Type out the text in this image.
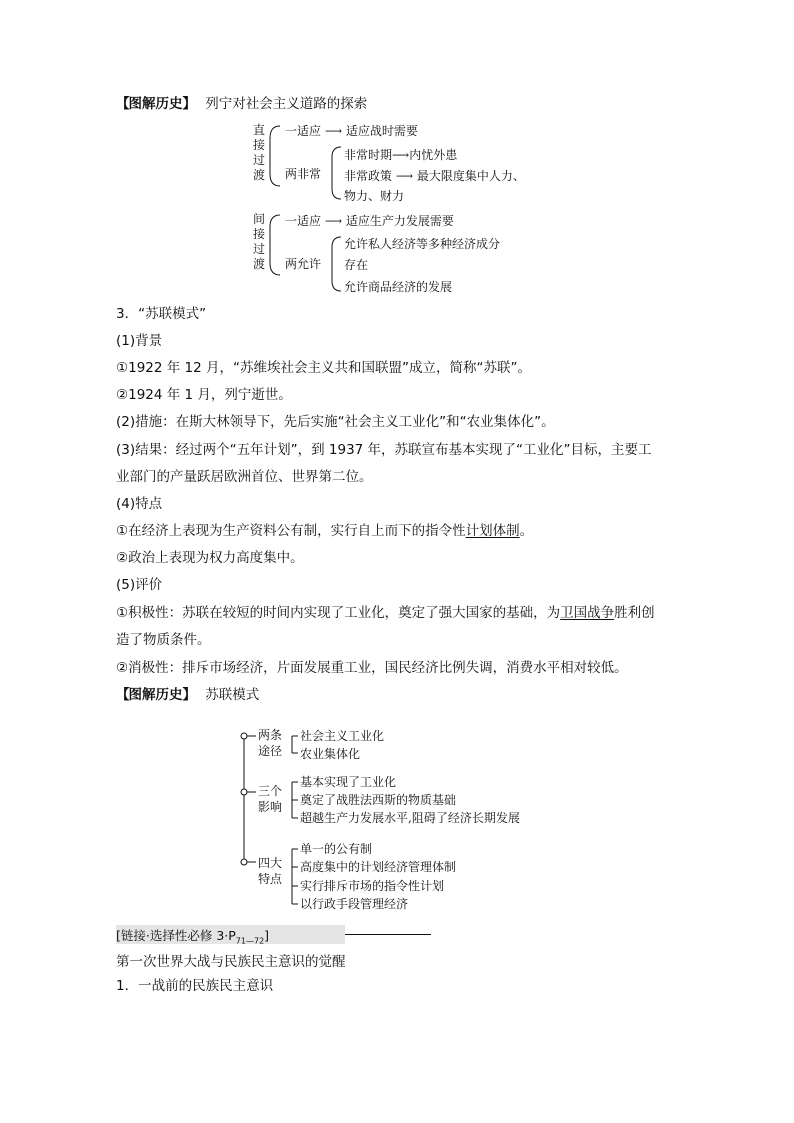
【图解历史】 列宁对社会主义道路的探索
直
接
过
渡
一适应 ⟶ 适应战时需要
两非常
非常时期⟶内忧外患
非常政策 ⟶ 最大限度集中人力、
物力、财力
间
接
过
渡
一适应 ⟶ 适应生产力发展需要
两允许
允许私人经济等多种经济成分
存在
允许商品经济的发展
3．“苏联模式”
(1)背景
①1922 年 12 月，“苏维埃社会主义共和国联盟”成立，简称“苏联”。
②1924 年 1 月，列宁逝世。
(2)措施：在斯大林领导下，先后实施“社会主义工业化”和“农业集体化”。
(3)结果：经过两个“五年计划”，到 1937 年，苏联宣布基本实现了“工业化”目标，主要工
业部门的产量跃居欧洲首位、世界第二位。
(4)特点
①在经济上表现为生产资料公有制，实行自上而下的指令性计划体制。
②政治上表现为权力高度集中。
(5)评价
①积极性：苏联在较短的时间内实现了工业化，奠定了强大国家的基础，为卫国战争胜利创
造了物质条件。
②消极性：排斥市场经济，片面发展重工业，国民经济比例失调，消费水平相对较低。
【图解历史】 苏联模式
两条
途径
社会主义工业化
农业集体化
三个
影响
基本实现了工业化
奠定了战胜法西斯的物质基础
超越生产力发展水平,阻碍了经济长期发展
四大
特点
单一的公有制
高度集中的计划经济管理体制
实行排斥市场的指令性计划
以行政手段管理经济
[链接·选择性必修 $3\cdot P_{71—72}$]
第一次世界大战与民族民主意识的觉醒
1．一战前的民族民主意识
